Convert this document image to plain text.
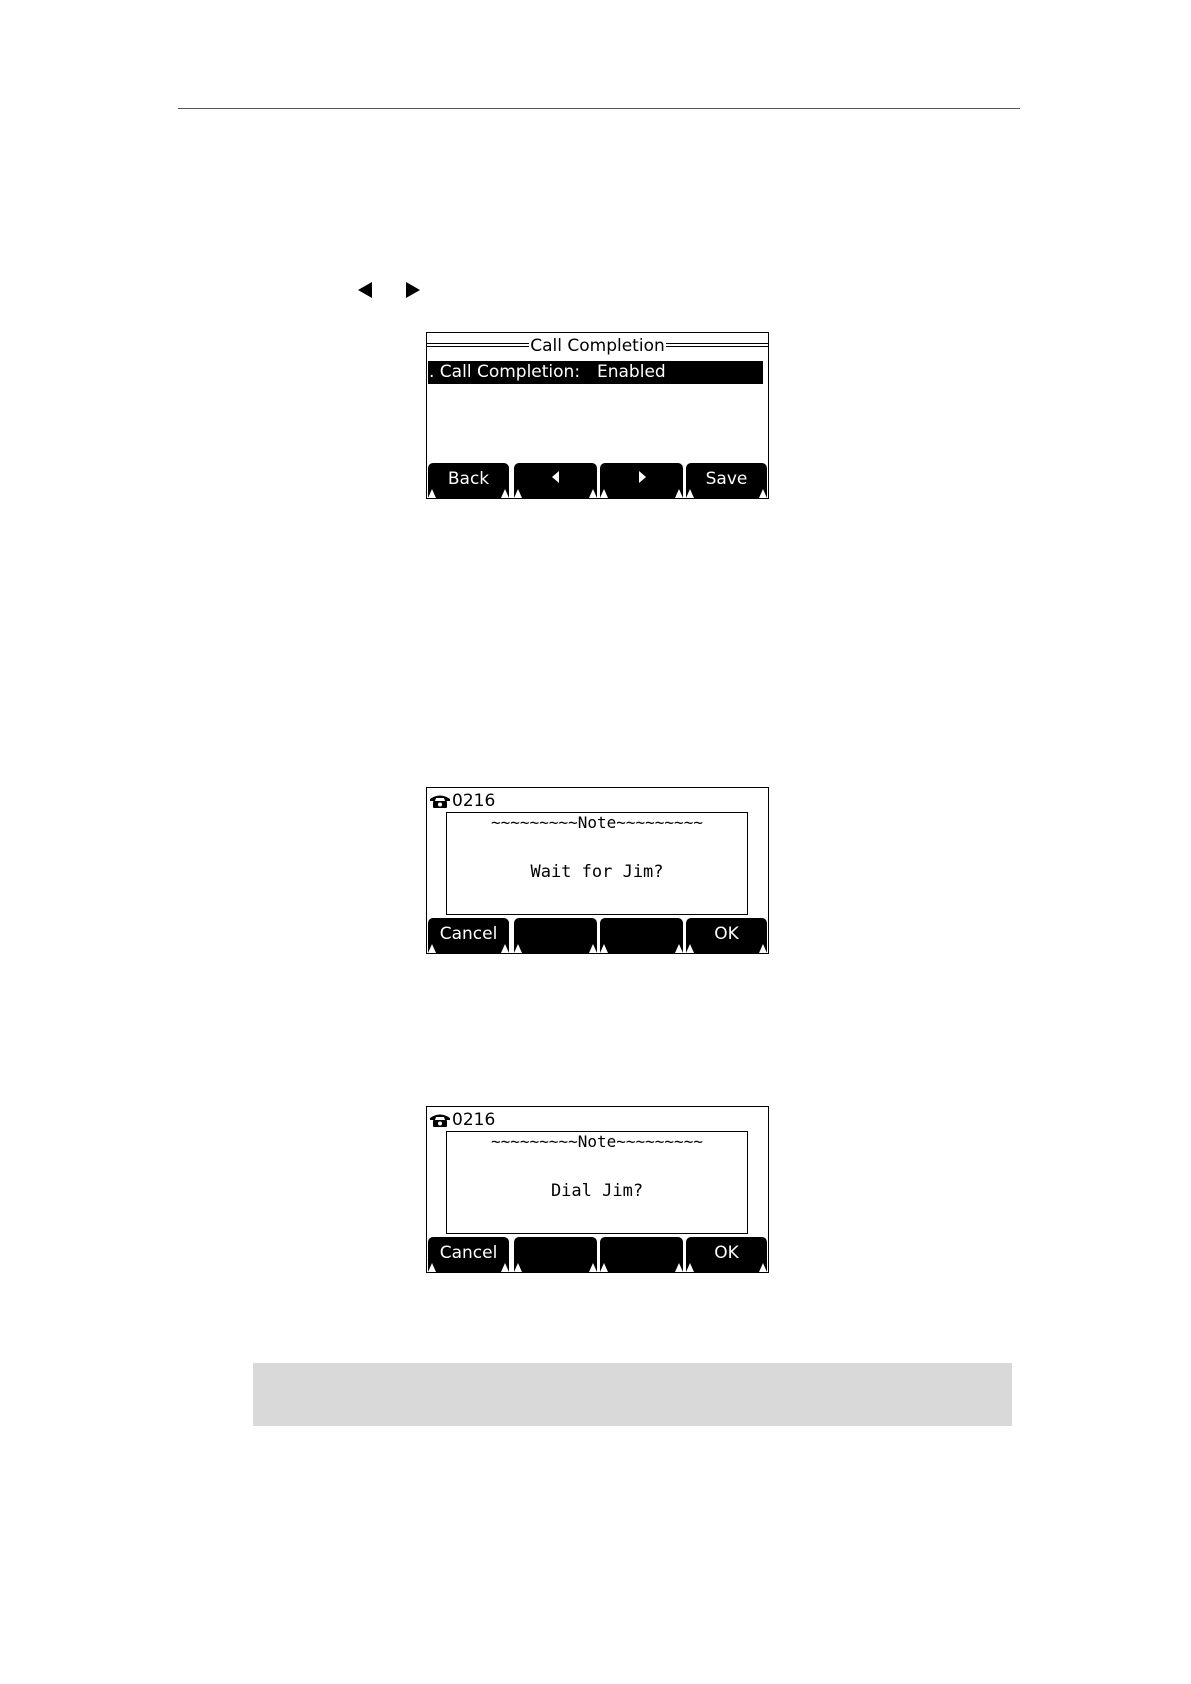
Call Completion

. Call Completion:

Enabled

Back	Save
0216
~~~~~~~~~Note~~~~~~~~~
Wait for Jim?
Cancel	OK
0216
~~~~~~~~~Note~~~~~~~~~
Dial Jim?
Cancel	OK
